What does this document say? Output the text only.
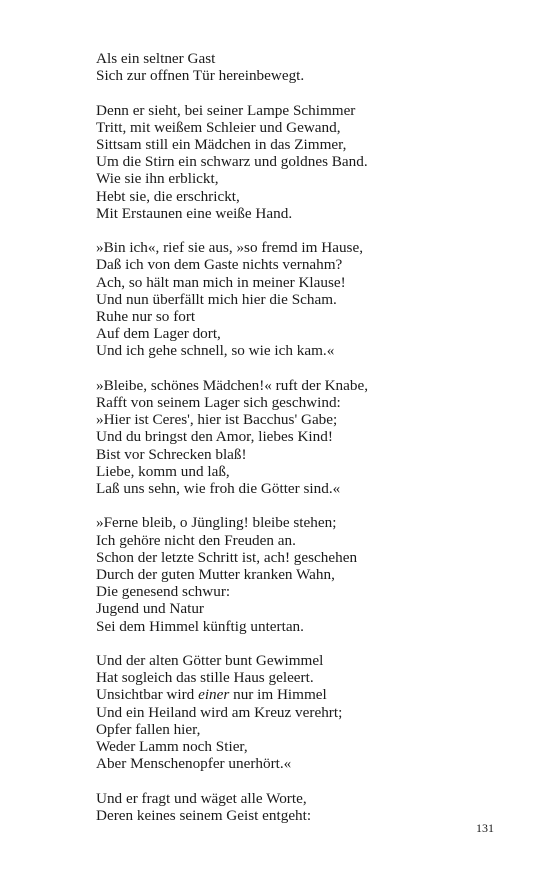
Als ein seltner Gast
Sich zur offnen Tür hereinbewegt.
Denn er sieht, bei seiner Lampe Schimmer
Tritt, mit weißem Schleier und Gewand,
Sittsam still ein Mädchen in das Zimmer,
Um die Stirn ein schwarz und goldnes Band.
Wie sie ihn erblickt,
Hebt sie, die erschrickt,
Mit Erstaunen eine weiße Hand.
»Bin ich«, rief sie aus, »so fremd im Hause,
Daß ich von dem Gaste nichts vernahm?
Ach, so hält man mich in meiner Klause!
Und nun überfällt mich hier die Scham.
Ruhe nur so fort
Auf dem Lager dort,
Und ich gehe schnell, so wie ich kam.«
»Bleibe, schönes Mädchen!« ruft der Knabe,
Rafft von seinem Lager sich geschwind:
»Hier ist Ceres', hier ist Bacchus' Gabe;
Und du bringst den Amor, liebes Kind!
Bist vor Schrecken blaß!
Liebe, komm und laß,
Laß uns sehn, wie froh die Götter sind.«
»Ferne bleib, o Jüngling! bleibe stehen;
Ich gehöre nicht den Freuden an.
Schon der letzte Schritt ist, ach! geschehen
Durch der guten Mutter kranken Wahn,
Die genesend schwur:
Jugend und Natur
Sei dem Himmel künftig untertan.
Und der alten Götter bunt Gewimmel
Hat sogleich das stille Haus geleert.
Unsichtbar wird einer nur im Himmel
Und ein Heiland wird am Kreuz verehrt;
Opfer fallen hier,
Weder Lamm noch Stier,
Aber Menschenopfer unerhört.«
Und er fragt und wäget alle Worte,
Deren keines seinem Geist entgeht:
131
